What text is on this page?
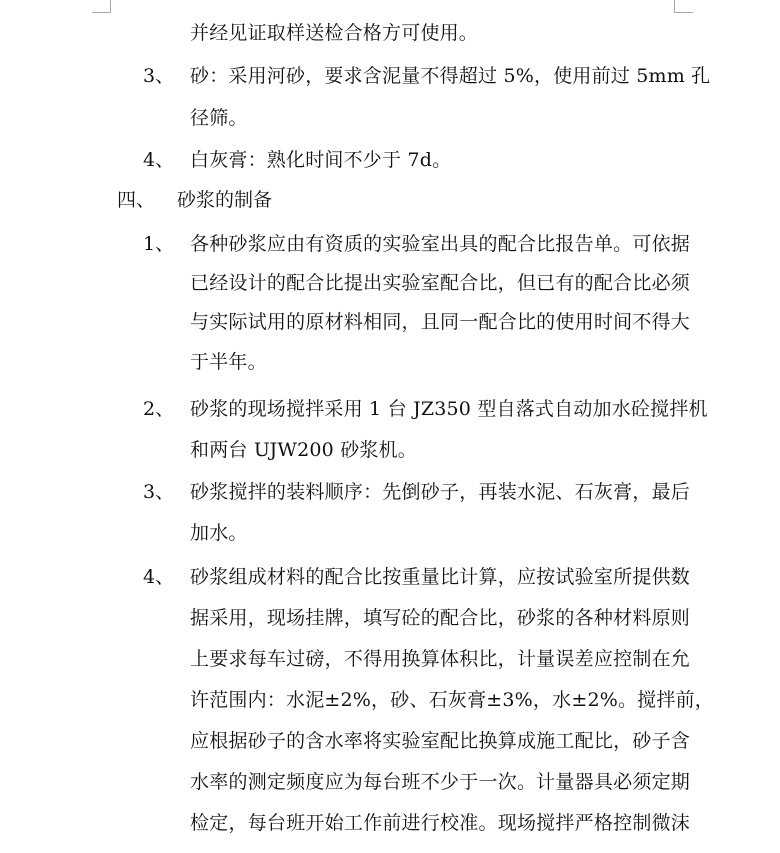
并经见证取样送检合格方可使用。
3、 砂：采用河砂，要求含泥量不得超过 5%，使用前过 5mm 孔
径筛。
4、 白灰膏：熟化时间不少于 7d。
四、 砂浆的制备
1、 各种砂浆应由有资质的实验室出具的配合比报告单。可依据
已经设计的配合比提出实验室配合比，但已有的配合比必须
与实际试用的原材料相同，且同一配合比的使用时间不得大
于半年。
2、 砂浆的现场搅拌采用 1 台 JZ350 型自落式自动加水砼搅拌机
和两台 UJW200 砂浆机。
3、 砂浆搅拌的装料顺序：先倒砂子，再装水泥、石灰膏，最后
加水。
4、 砂浆组成材料的配合比按重量比计算，应按试验室所提供数
据采用，现场挂牌，填写砼的配合比，砂浆的各种材料原则
上要求每车过磅，不得用换算体积比，计量误差应控制在允
许范围内：水泥±2%，砂、石灰膏±3%，水±2%。搅拌前，
应根据砂子的含水率将实验室配比换算成施工配比，砂子含
水率的测定频度应为每台班不少于一次。计量器具必须定期
检定，每台班开始工作前进行校准。现场搅拌严格控制微沫
